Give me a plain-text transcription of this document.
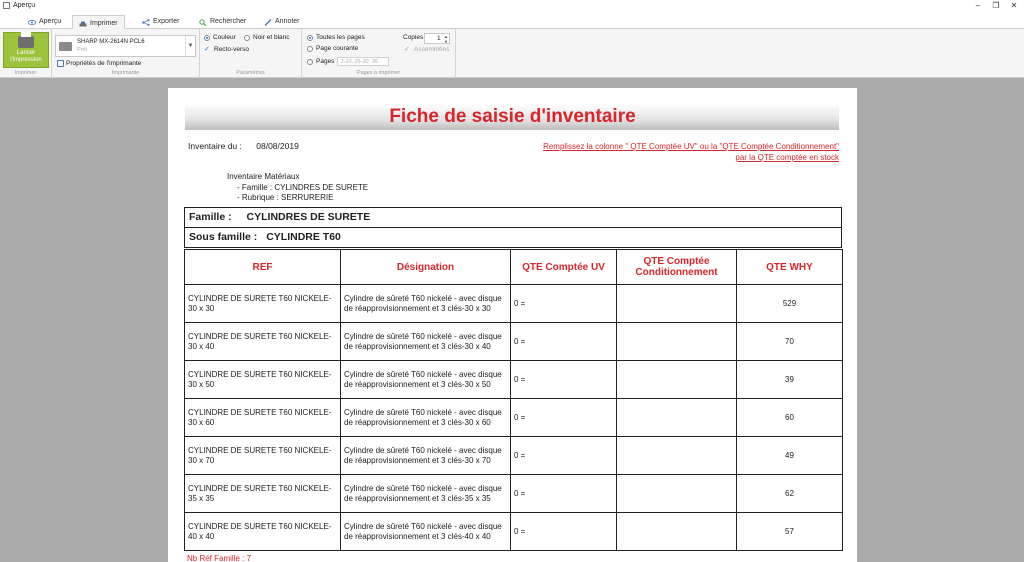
Aperçu	–	❐	✕
Aperçu	Imprimer	Exporter	Rechercher	Annoter
Lancer
l'impression
Imprimer	Imprimante
SHARP MX-2614N PCL6
Prêt
▼
Propriétés de l'imprimante
Paramètres
Couleur	Noir et blanc
✓ Recto-verso
Pages à imprimer
Toutes les pages
Page courante
Pages	1-10, 25-30, 35
Copies	1 ▲
▼
✓ Assemblées
Fiche de saisie d'inventaire
Inventaire du : 08/08/2019	Remplissez la colonne " QTE Comptée UV" ou la "QTE Comptée Conditionnement"
par la QTE comptée en stock
Inventaire Matériaux
- Famille : CYLINDRES DE SURETE
- Rubrique : SERRURERIE
Famille : CYLINDRES DE SURETE
Sous famille : CYLINDRE T60
REF	Désignation	QTE Comptée UV	QTE Comptée Conditionnement	QTE WHY
CYLINDRE DE SURETE T60 NICKELE-30 x 30	Cylindre de sûreté T60 nickelé - avec disque de réapprovisionnement et 3 clés-30 x 30	0 =		529
CYLINDRE DE SURETE T60 NICKELE-30 x 40	Cylindre de sûreté T60 nickelé - avec disque de réapprovisionnement et 3 clés-30 x 40	0 =		70
CYLINDRE DE SURETE T60 NICKELE-30 x 50	Cylindre de sûreté T60 nickelé - avec disque de réapprovisionnement et 3 clés-30 x 50	0 =		39
CYLINDRE DE SURETE T60 NICKELE-30 x 60	Cylindre de sûreté T60 nickelé - avec disque de réapprovisionnement et 3 clés-30 x 60	0 =		60
CYLINDRE DE SURETE T60 NICKELE-30 x 70	Cylindre de sûreté T60 nickelé - avec disque de réapprovisionnement et 3 clés-30 x 70	0 =		49
CYLINDRE DE SURETE T60 NICKELE-35 x 35	Cylindre de sûreté T60 nickelé - avec disque de réapprovisionnement et 3 clés-35 x 35	0 =		62
CYLINDRE DE SURETE T60 NICKELE-40 x 40	Cylindre de sûreté T60 nickelé - avec disque de réapprovisionnement et 3 clés-40 x 40	0 =		57
Nb Réf Famille : 7
